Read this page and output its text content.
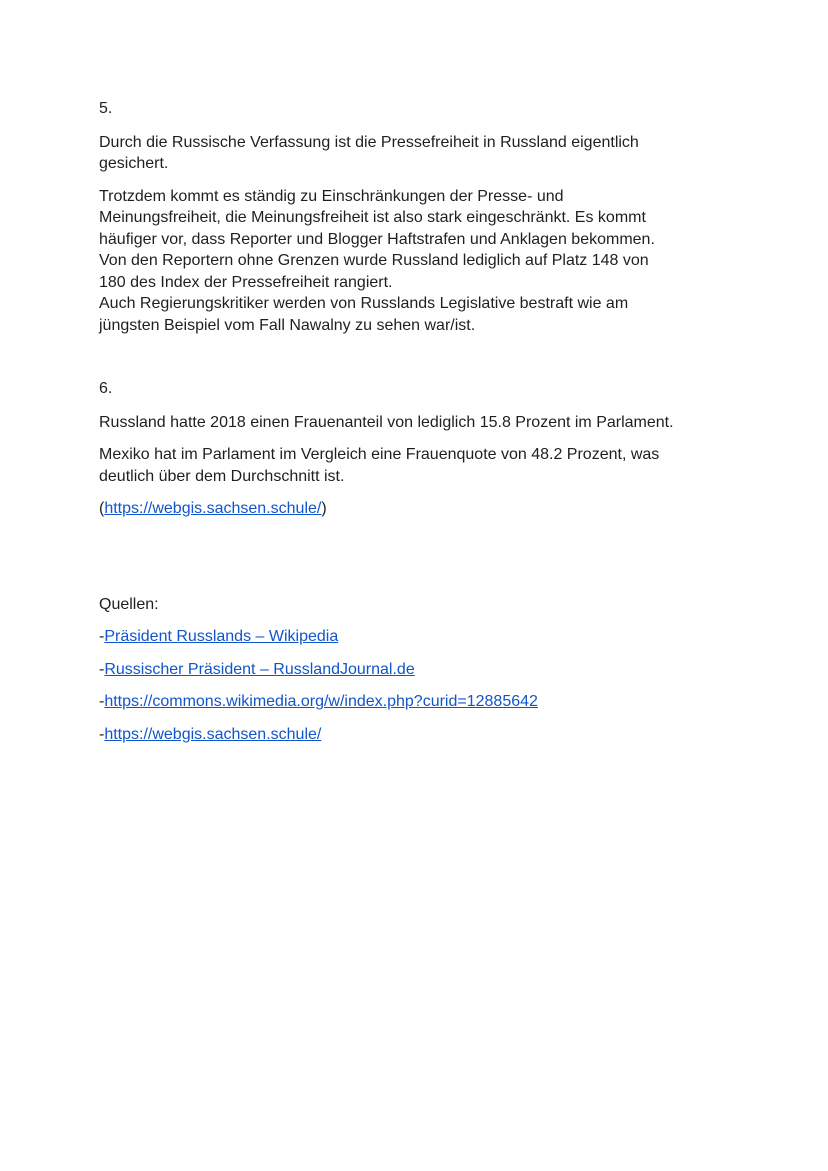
5.

Durch die Russische Verfassung ist die Pressefreiheit in Russland eigentlich gesichert.

Trotzdem kommt es ständig zu Einschränkungen der Presse- und
Meinungsfreiheit, die Meinungsfreiheit ist also stark eingeschränkt. Es kommt
häufiger vor, dass Reporter und Blogger Haftstrafen und Anklagen bekommen.
Von den Reportern ohne Grenzen wurde Russland lediglich auf Platz 148 von
180 des Index der Pressefreiheit rangiert.
Auch Regierungskritiker werden von Russlands Legislative bestraft wie am
jüngsten Beispiel vom Fall Nawalny zu sehen war/ist.

6.

Russland hatte 2018 einen Frauenanteil von lediglich 15.8 Prozent im Parlament.

Mexiko hat im Parlament im Vergleich eine Frauenquote von 48.2 Prozent, was
deutlich über dem Durchschnitt ist.

(https://webgis.sachsen.schule/)

Quellen:

-Präsident Russlands – Wikipedia

-Russischer Präsident – RusslandJournal.de

-https://commons.wikimedia.org/w/index.php?curid=12885642

-https://webgis.sachsen.schule/
